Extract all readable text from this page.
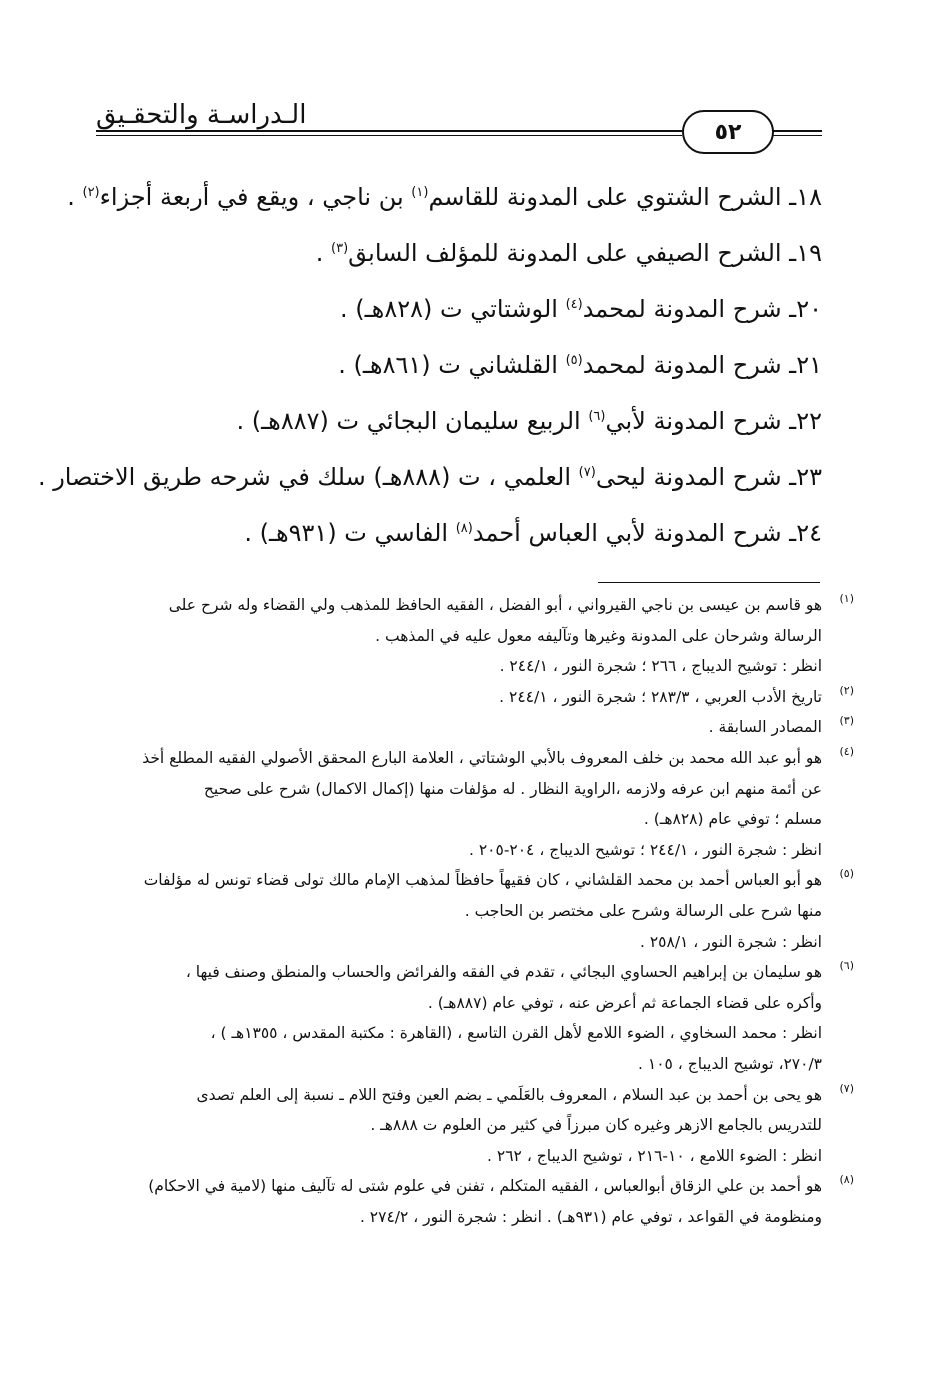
الـدراسـة والتحقـيق
٥٢
١٨ـ الشرح الشتوي على المدونة للقاسم$^{(١)}$ بن ناجي ، ويقع في أربعة أجزاء$^{(٢)}$ .
١٩ـ الشرح الصيفي على المدونة للمؤلف السابق$^{(٣)}$ .
٢٠ـ شرح المدونة لمحمد$^{(٤)}$ الوشتاتي ت (٨٢٨هـ) .
٢١ـ شرح المدونة لمحمد$^{(٥)}$ القلشاني ت (٨٦١هـ) .
٢٢ـ شرح المدونة لأبي$^{(٦)}$ الربيع سليمان البجائي ت (٨٨٧هـ) .
٢٣ـ شرح المدونة ليحى$^{(٧)}$ العلمي ، ت (٨٨٨هـ) سلك في شرحه طريق الاختصار .
٢٤ـ شرح المدونة لأبي العباس أحمد$^{(٨)}$ الفاسي ت (٩٣١هـ) .
(١)
هو قاسم بن عيسى بن ناجي القيرواني ، أبو الفضل ، الفقيه الحافظ للمذهب ولي القضاء وله شرح على
الرسالة وشرحان على المدونة وغيرها وتآليفه معول عليه في المذهب .
انظر : توشيح الديباج ، ٢٦٦ ؛ شجرة النور ، ٢٤٤/١ .
(٢)
تاريخ الأدب العربي ، ٢٨٣/٣ ؛ شجرة النور ، ٢٤٤/١ .
(٣)
المصادر السابقة .
(٤)
هو أبو عبد الله محمد بن خلف المعروف بالأبي الوشتاتي ، العلامة البارع المحقق الأصولي الفقيه المطلع أخذ
عن أئمة منهم ابن عرفه ولازمه ،الراوية النظار . له مؤلفات منها (إكمال الاكمال) شرح على صحيح
مسلم ؛ توفي عام (٨٢٨هـ) .
انظر : شجرة النور ، ٢٤٤/١ ؛ توشيح الديباج ، ٢٠٤-٢٠٥ .
(٥)
هو أبو العباس أحمد بن محمد القلشاني ، كان فقيهاً حافظاً لمذهب الإمام مالك تولى قضاء تونس له مؤلفات
منها شرح على الرسالة وشرح على مختصر بن الحاجب .
انظر : شجرة النور ، ٢٥٨/١ .
(٦)
هو سليمان بن إبراهيم الحساوي البجائي ، تقدم في الفقه والفرائض والحساب والمنطق وصنف فيها ،
وأكره على قضاء الجماعة ثم أعرض عنه ، توفي عام (٨٨٧هـ) .
انظر : محمد السخاوي ، الضوء اللامع لأهل القرن التاسع ، (القاهرة : مكتبة المقدس ، ١٣٥٥هـ ) ،
٢٧٠/٣، توشيح الديباج ، ١٠٥ .
(٧)
هو يحى بن أحمد بن عبد السلام ، المعروف بالعَلَمي ـ بضم العين وفتح اللام ـ نسبة إلى العلم تصدى
للتدريس بالجامع الازهر وغيره كان مبرزاً في كثير من العلوم ت ٨٨٨هـ .
انظر : الضوء اللامع ، ١٠-٢١٦ ، توشيح الديباج ، ٢٦٢ .
(٨)
هو أحمد بن علي الزقاق أبوالعباس ، الفقيه المتكلم ، تفنن في علوم شتى له تآليف منها (لامية في الاحكام)
ومنظومة في القواعد ، توفي عام (٩٣١هـ) . انظر : شجرة النور ، ٢٧٤/٢ .
